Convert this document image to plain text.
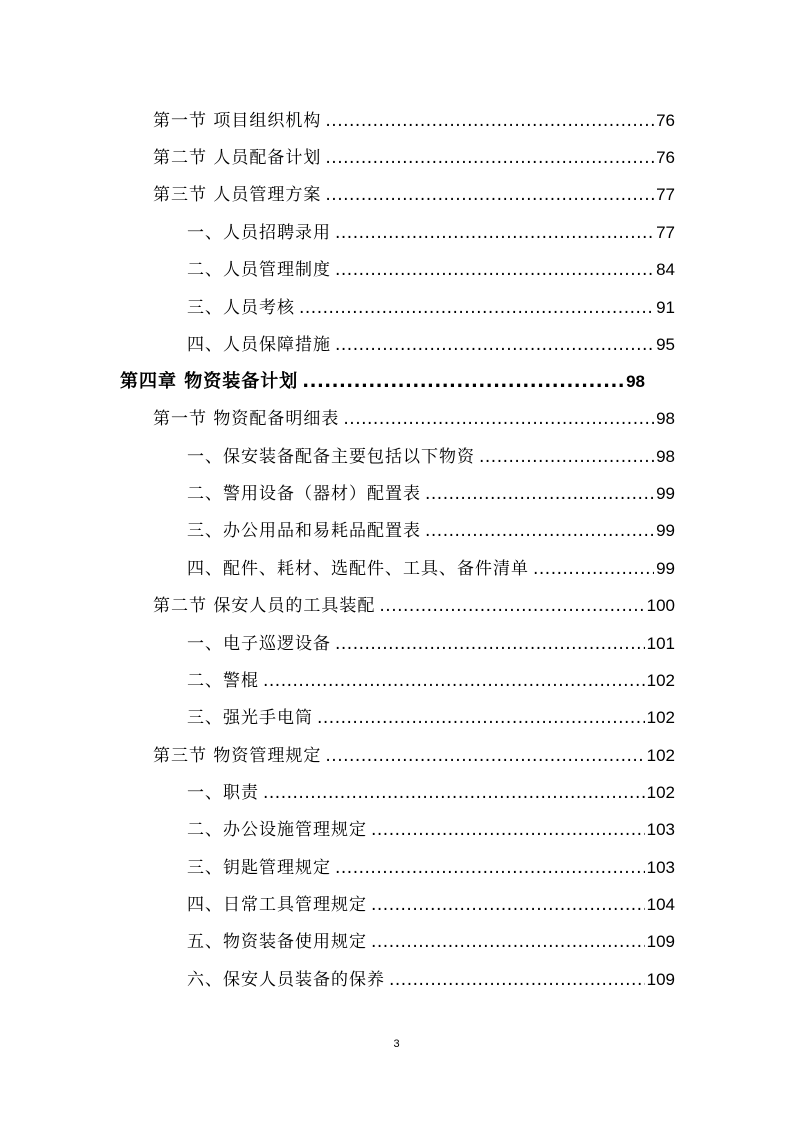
第一节 项目组织机构 .....	76
第二节 人员配备计划 .....	76
第三节 人员管理方案 .....	77
一、人员招聘录用 .....	77
二、人员管理制度 .....	84
三、人员考核 .....	91
四、人员保障措施 .....	95
第四章 物资装备计划 .....	98
第一节 物资配备明细表 .....	98
一、保安装备配备主要包括以下物资 .....	98
二、警用设备（器材）配置表 .....	99
三、办公用品和易耗品配置表 .....	99
四、配件、耗材、选配件、工具、备件清单 .....	99
第二节 保安人员的工具装配 .....	100
一、电子巡逻设备 .....	101
二、警棍 .....	102
三、强光手电筒 .....	102
第三节 物资管理规定 .....	102
一、职责 .....	102
二、办公设施管理规定 .....	103
三、钥匙管理规定 .....	103
四、日常工具管理规定 .....	104
五、物资装备使用规定 .....	109
六、保安人员装备的保养 .....	109
3
